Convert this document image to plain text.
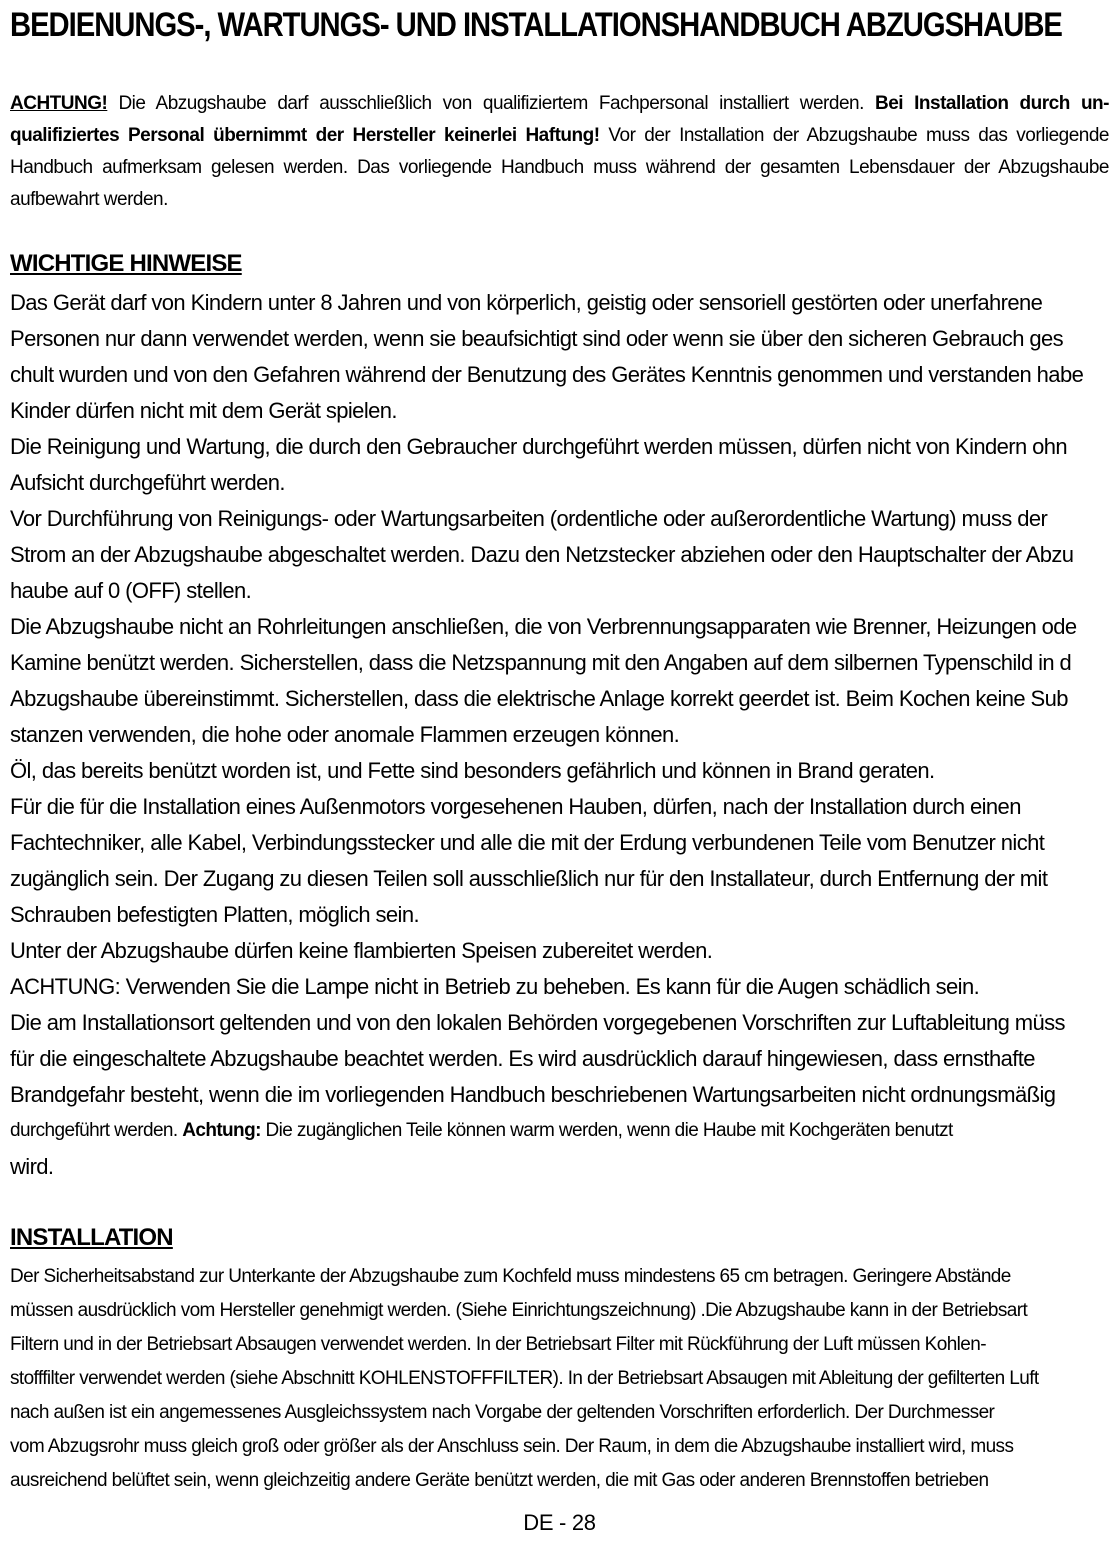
BEDIENUNGS-, WARTUNGS- UND INSTALLATIONSHANDBUCH ABZUGSHAUBE

ACHTUNG! Die Abzugshaube darf ausschließlich von qualifiziertem Fachpersonal installiert werden. Bei Installation durch un-qualifiziertes Personal übernimmt der Hersteller keinerlei Haftung! Vor der Installation der Abzugshaube muss das vorliegende Handbuch aufmerksam gelesen werden. Das vorliegende Handbuch muss während der gesamten Lebensdauer der Abzugshaube aufbewahrt werden.

WICHTIGE HINWEISE
Das Gerät darf von Kindern unter 8 Jahren und von körperlich, geistig oder sensoriell gestörten oder unerfahrene
Personen nur dann verwendet werden, wenn sie beaufsichtigt sind oder wenn sie über den sicheren Gebrauch ges
chult wurden und von den Gefahren während der Benutzung des Gerätes Kenntnis genommen und verstanden habe
Kinder dürfen nicht mit dem Gerät spielen.
Die Reinigung und Wartung, die durch den Gebraucher durchgeführt werden müssen, dürfen nicht von Kindern ohn
Aufsicht durchgeführt werden.
Vor Durchführung von Reinigungs- oder Wartungsarbeiten (ordentliche oder außerordentliche Wartung) muss der
Strom an der Abzugshaube abgeschaltet werden. Dazu den Netzstecker abziehen oder den Hauptschalter der Abzu
haube auf 0 (OFF) stellen.
Die Abzugshaube nicht an Rohrleitungen anschließen, die von Verbrennungsapparaten wie Brenner, Heizungen ode
Kamine benützt werden. Sicherstellen, dass die Netzspannung mit den Angaben auf dem silbernen Typenschild in d
Abzugshaube übereinstimmt. Sicherstellen, dass die elektrische Anlage korrekt geerdet ist. Beim Kochen keine Sub
stanzen verwenden, die hohe oder anomale Flammen erzeugen können.
Öl, das bereits benützt worden ist, und Fette sind besonders gefährlich und können in Brand geraten.
Für die für die Installation eines Außenmotors vorgesehenen Hauben, dürfen, nach der Installation durch einen
Fachtechniker, alle Kabel, Verbindungsstecker und alle die mit der Erdung verbundenen Teile vom Benutzer nicht
zugänglich sein. Der Zugang zu diesen Teilen soll ausschließlich nur für den Installateur, durch Entfernung der mit
Schrauben befestigten Platten, möglich sein.
Unter der Abzugshaube dürfen keine flambierten Speisen zubereitet werden.
ACHTUNG: Verwenden Sie die Lampe nicht in Betrieb zu beheben. Es kann für die Augen schädlich sein.
Die am Installationsort geltenden und von den lokalen Behörden vorgegebenen Vorschriften zur Luftableitung müss
für die eingeschaltete Abzugshaube beachtet werden. Es wird ausdrücklich darauf hingewiesen, dass ernsthafte
Brandgefahr besteht, wenn die im vorliegenden Handbuch beschriebenen Wartungsarbeiten nicht ordnungsmäßig
durchgeführt werden. Achtung: Die zugänglichen Teile können warm werden, wenn die Haube mit Kochgeräten benutzt
wird.
INSTALLATION
Der Sicherheitsabstand zur Unterkante der Abzugshaube zum Kochfeld muss mindestens 65 cm betragen. Geringere Abstände
müssen ausdrücklich vom Hersteller genehmigt werden. (Siehe Einrichtungszeichnung) .Die Abzugshaube kann in der Betriebsart
Filtern und in der Betriebsart Absaugen verwendet werden. In der Betriebsart Filter mit Rückführung der Luft müssen Kohlen-
stofffilter verwendet werden (siehe Abschnitt KOHLENSTOFFFILTER). In der Betriebsart Absaugen mit Ableitung der gefilterten Luft
nach außen ist ein angemessenes Ausgleichssystem nach Vorgabe der geltenden Vorschriften erforderlich. Der Durchmesser
vom Abzugsrohr muss gleich groß oder größer als der Anschluss sein. Der Raum, in dem die Abzugshaube installiert wird, muss
ausreichend belüftet sein, wenn gleichzeitig andere Geräte benützt werden, die mit Gas oder anderen Brennstoffen betrieben

DE - 28
